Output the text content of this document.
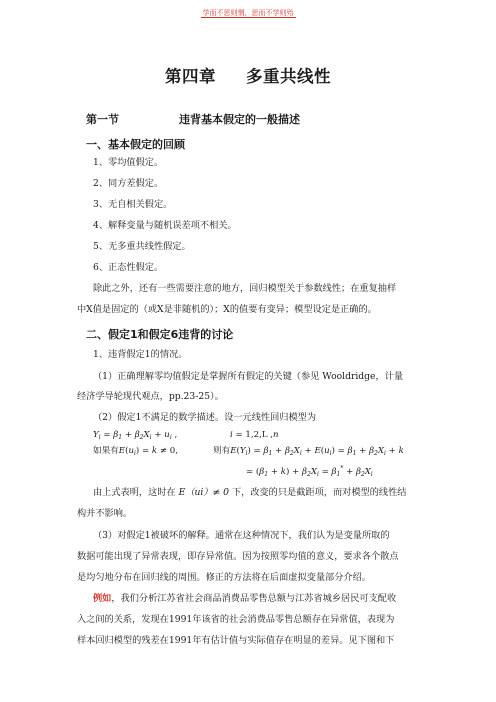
学而不思则惘，思而不学则殆
第四章 多重共线性
第一节	违背基本假定的一般描述
一、基本假定的回顾
1、零均值假定。
2、同方差假定。
3、无自相关假定。
4、解释变量与随机误差项不相关。
5、无多重共线性假定。
6、正态性假定。
除此之外，还有一些需要注意的地方，回归模型关于参数线性；在重复抽样
中X值是固定的（或X是非随机的）；X的值要有变异；模型设定是正确的。
二、假定1和假定6违背的讨论
1、违背假定1的情况。
（1）正确理解零均值假定是掌握所有假定的关键（参见 Wooldridge，计量
经济学导轮现代观点，pp.23-25）。
（2）假定1不满足的数学描述。设一元线性回归模型为
$Y_i = \beta_1 + \beta_2X_i + u_i$ ,	i = 1,2,L ,n
如果有$E(u_i) = k \ne 0$,	则有$E(Y_i) = \beta_1 + \beta_2X_i + E(u_i) = \beta_1 + \beta_2X_i + k$
= $(\beta_1 + k) + \beta_2X_i = \beta_1^* + \beta_2X_i$
由上式表明，这时在 E（ui）≠ 0 下，改变的只是截距项，而对模型的线性结
构并不影响。
（3）对假定1被破坏的解释。通常在这种情况下，我们认为是变量所取的
数据可能出现了异常表现，即存异常值。因为按照零均值的意义，要求各个散点
是均匀地分布在回归线的周围。修正的方法将在后面虚拟变量部分介绍。
例如，我们分析江苏省社会商品消费品零售总额与江苏省城乡居民可支配收
入之间的关系，发现在1991年该省的社会消费品零售总额存在异常值，表现为
样本回归模型的残差在1991年有估计值与实际值存在明显的差异。见下图和下
